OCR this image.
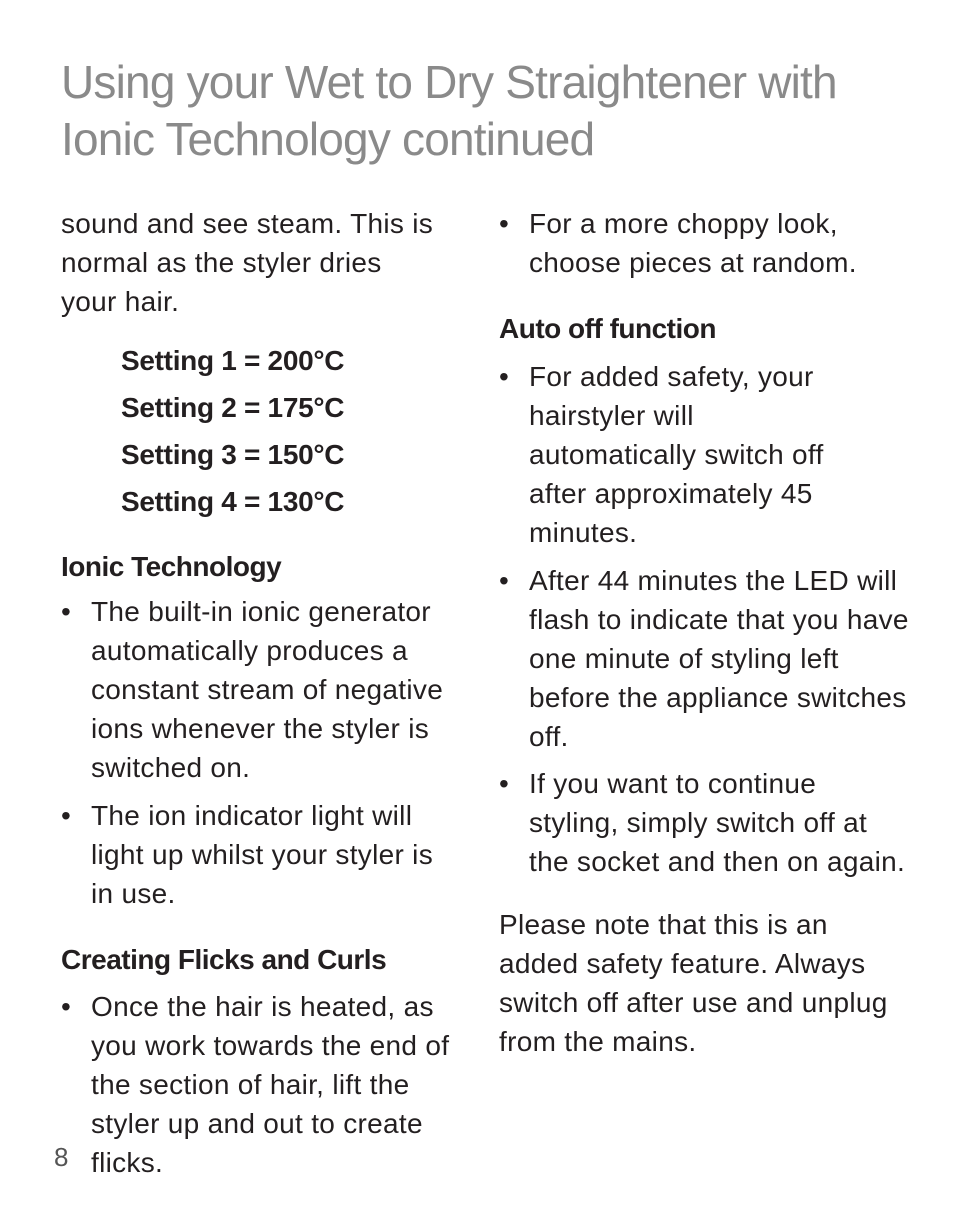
Using your Wet to Dry Straightener with
Ionic Technology continued

sound and see steam. This is normal as the styler dries your hair.

Setting 1 = 200°C
Setting 2 = 175°C
Setting 3 = 150°C
Setting 4 = 130°C
Ionic Technology
• The built-in ionic generator automatically produces a constant stream of negative ions whenever the styler is switched on.
• The ion indicator light will light up whilst your styler is in use.
Creating Flicks and Curls
• Once the hair is heated, as you work towards the end of the section of hair, lift the styler up and out to create flicks.
• For a more choppy look, choose pieces at random.
Auto off function
• For added safety, your hairstyler will automatically switch off after approximately 45 minutes.
• After 44 minutes the LED will flash to indicate that you have one minute of styling left before the appliance switches off.
• If you want to continue styling, simply switch off at the socket and then on again.

Please note that this is an added safety feature. Always switch off after use and unplug from the mains.

8
